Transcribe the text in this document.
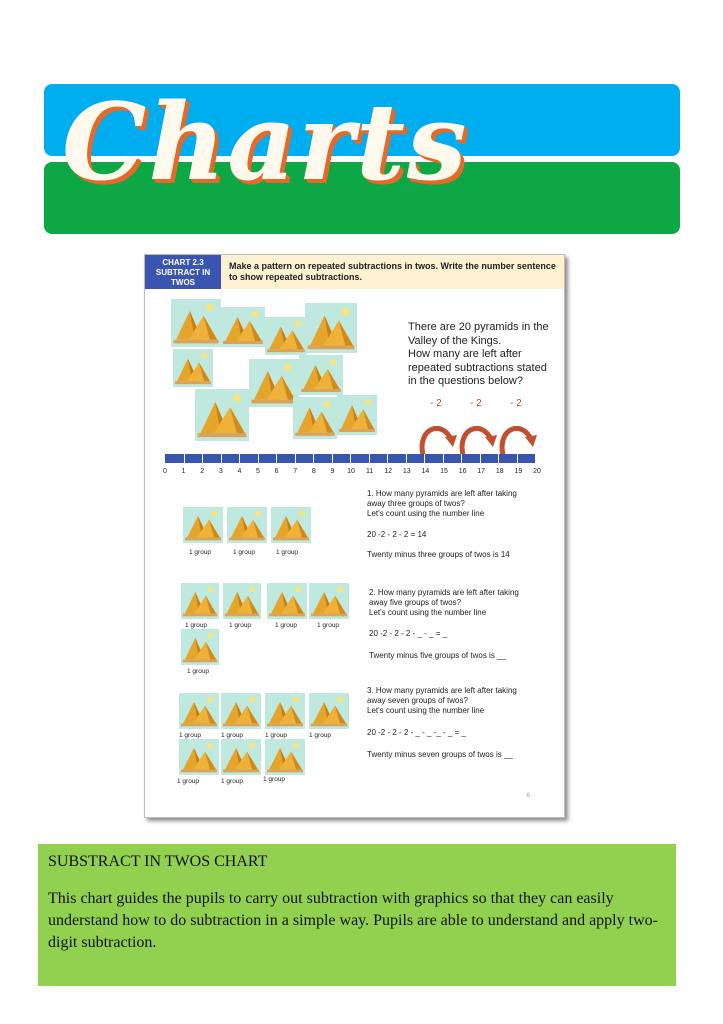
Charts
CHART 2.3
SUBTRACT IN
TWOS
Make a pattern on repeated subtractions in twos. Write the number sentence to show repeated subtractions.
There are 20 pyramids in the
Valley of the Kings.
How many are left after
repeated subtractions stated
in the questions below?
- 2	- 2	- 2
0 1 2 3 4 5 6 7 8 9 10 11 12 13 14 15 16 17 18 19 20
1. How many pyramids are left after taking
away three groups of twos?
Let's count using the number line
20 -2 - 2 - 2 = 14
Twenty minus three groups of twos is 14
2. How many pyramids are left after taking
away five groups of twos?
Let's count using the number line
20 -2 - 2 - 2 - _ - _ = _
Twenty minus five groups of twos is __
3. How many pyramids are left after taking
away seven groups of twos?
Let's count using the number line
20 -2 - 2 - 2 - _ - _ -_ - _ = _
Twenty minus seven groups of twos is __
6
1 group	1 group	1 group
1 group	1 group	1 group	1 group
1 group
1 group	1 group	1 group	1 group
1 group	1 group	1 group

SUBSTRACT IN TWOS CHART

This chart guides the pupils to carry out subtraction with graphics so that they can easily understand how to do subtraction in a simple way. Pupils are able to understand and apply two-digit subtraction.
